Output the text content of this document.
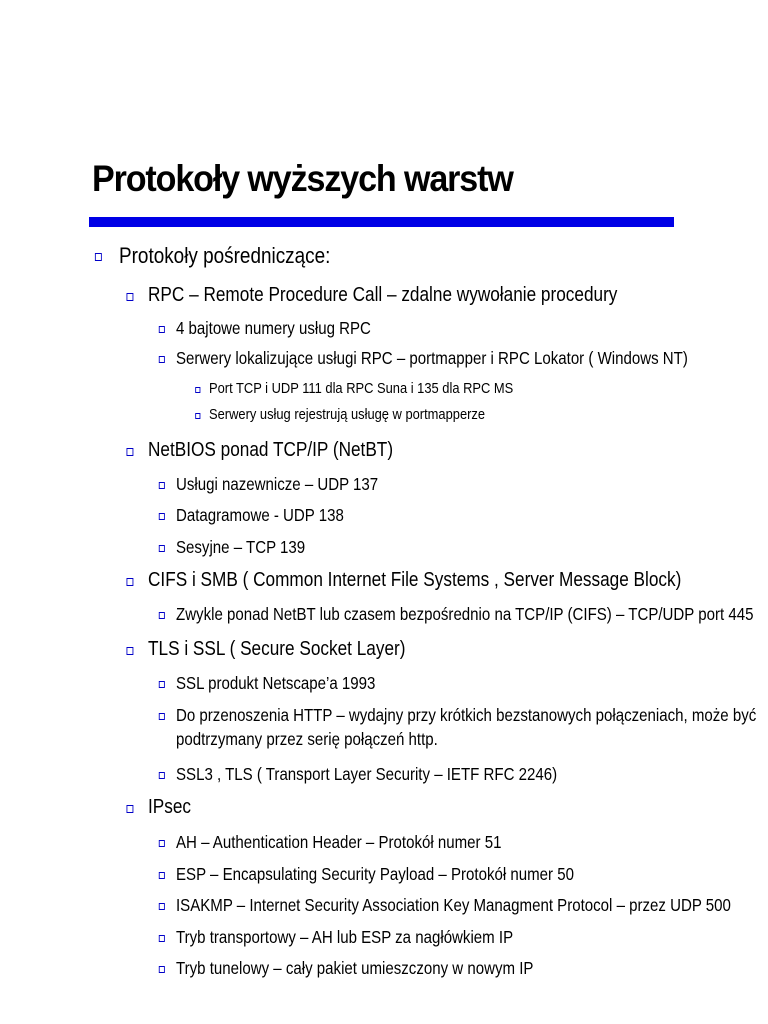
Protokoły wyższych warstw
Protokoły pośredniczące:
RPC – Remote Procedure Call – zdalne wywołanie procedury
4 bajtowe numery usług RPC
Serwery lokalizujące usługi RPC – portmapper i RPC Lokator ( Windows NT)
Port TCP i UDP 111 dla RPC Suna i 135 dla RPC MS
Serwery usług rejestrują usługę w portmapperze
NetBIOS ponad TCP/IP (NetBT)
Usługi nazewnicze – UDP 137
Datagramowe - UDP 138
Sesyjne – TCP 139
CIFS i SMB ( Common Internet File Systems , Server Message Block)
Zwykle ponad NetBT lub czasem bezpośrednio na TCP/IP (CIFS) – TCP/UDP port 445
TLS i SSL ( Secure Socket Layer)
SSL produkt Netscape’a 1993
Do przenoszenia HTTP – wydajny przy krótkich bezstanowych połączeniach, może być
podtrzymany przez serię połączeń http.
SSL3 , TLS ( Transport Layer Security – IETF RFC 2246)
IPsec
AH – Authentication Header – Protokół numer 51
ESP – Encapsulating Security Payload – Protokół numer 50
ISAKMP – Internet Security Association Key Managment Protocol – przez UDP 500
Tryb transportowy – AH lub ESP za nagłówkiem IP
Tryb tunelowy – cały pakiet umieszczony w nowym IP
